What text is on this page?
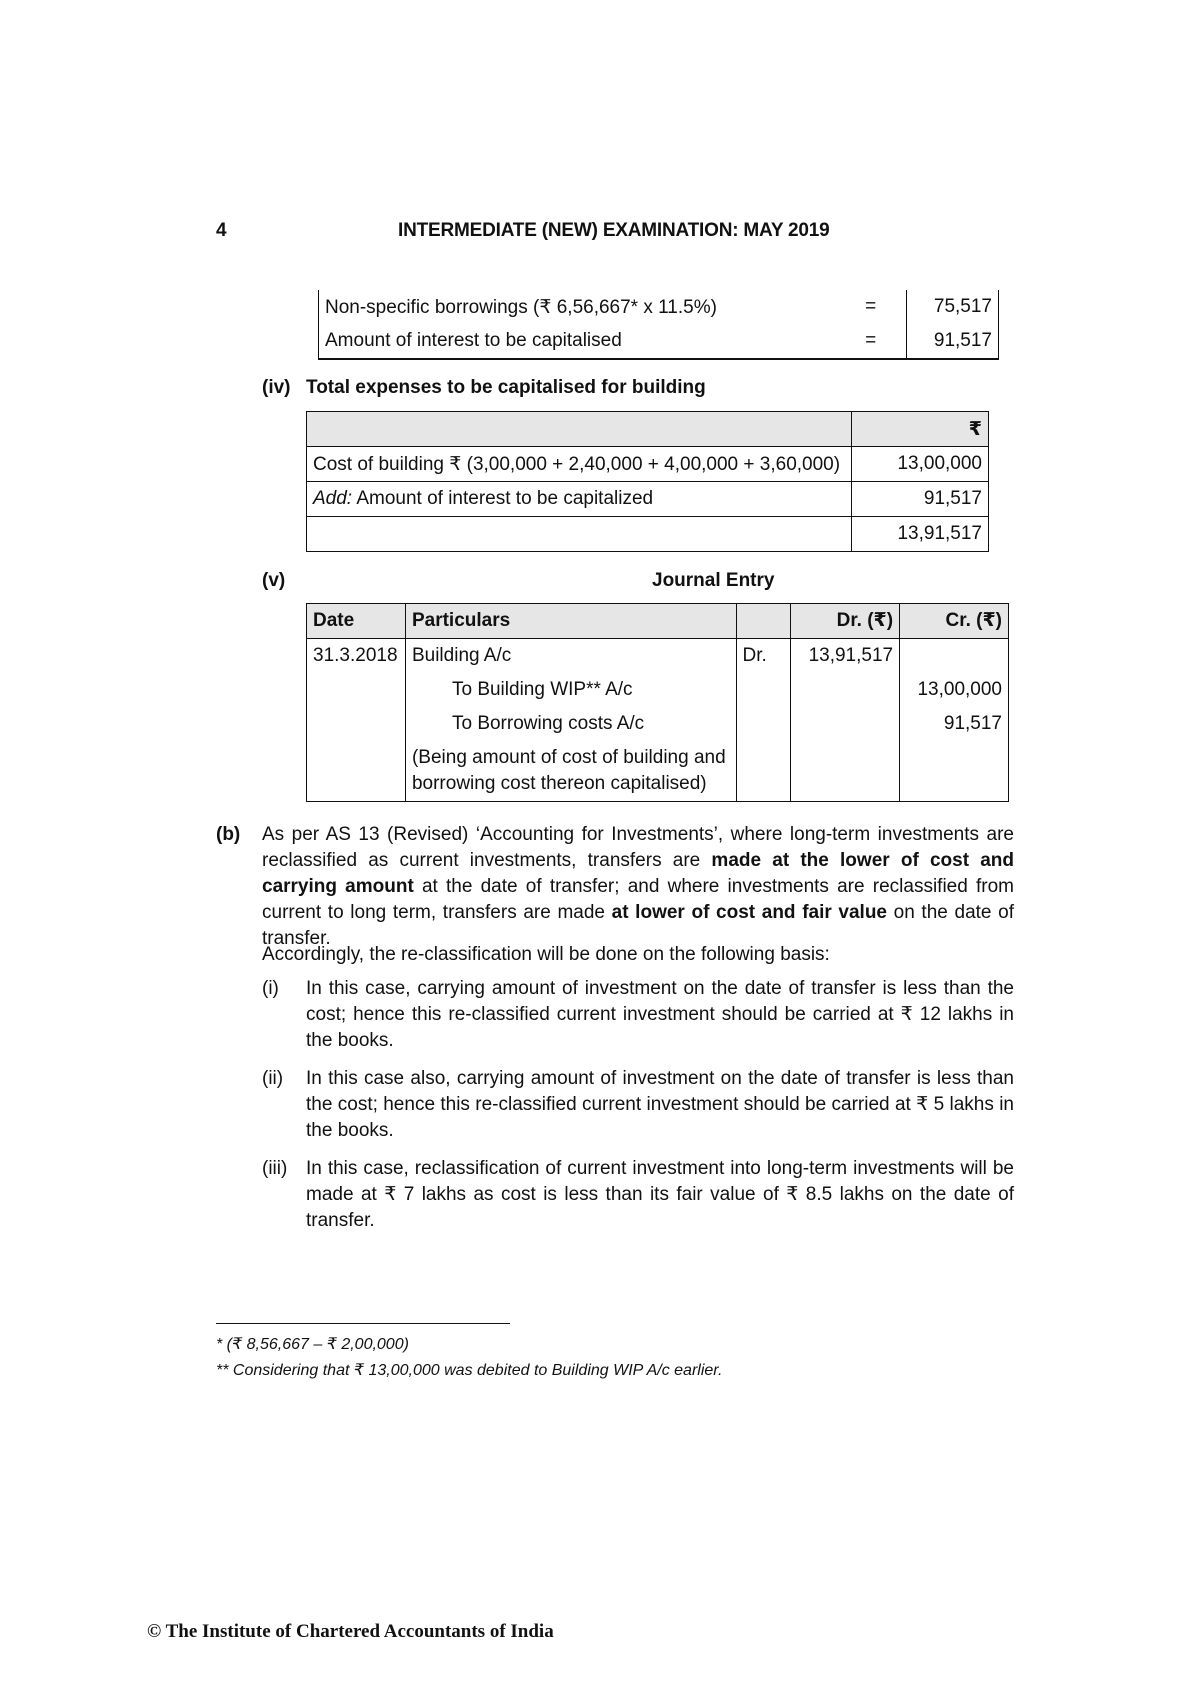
4	INTERMEDIATE (NEW) EXAMINATION: MAY 2019
Non-specific borrowings (₹ 6,56,667* x 11.5%)	=	75,517
Amount of interest to be capitalised	=	91,517
(iv) Total expenses to be capitalised for building
	₹
Cost of building ₹ (3,00,000 + 2,40,000 + 4,00,000 + 3,60,000)	13,00,000
Add: Amount of interest to be capitalized	91,517
	13,91,517
(v)	Journal Entry
Date	Particulars		Dr. (₹)	Cr. (₹)
31.3.2018	Building A/c	Dr.	13,91,517	
	To Building WIP** A/c			13,00,000
	To Borrowing costs A/c			91,517
	(Being amount of cost of building and borrowing cost thereon capitalised)			
(b) As per AS 13 (Revised) ‘Accounting for Investments’, where long-term investments are reclassified as current investments, transfers are made at the lower of cost and carrying amount at the date of transfer; and where investments are reclassified from current to long term, transfers are made at lower of cost and fair value on the date of transfer.
Accordingly, the re-classification will be done on the following basis:
(i) In this case, carrying amount of investment on the date of transfer is less than the cost; hence this re-classified current investment should be carried at ₹ 12 lakhs in the books.
(ii) In this case also, carrying amount of investment on the date of transfer is less than the cost; hence this re-classified current investment should be carried at ₹ 5 lakhs in the books.
(iii) In this case, reclassification of current investment into long-term investments will be made at ₹ 7 lakhs as cost is less than its fair value of ₹ 8.5 lakhs on the date of transfer.
* (₹ 8,56,667 – ₹ 2,00,000)
** Considering that ₹ 13,00,000 was debited to Building WIP A/c earlier.
© The Institute of Chartered Accountants of India
